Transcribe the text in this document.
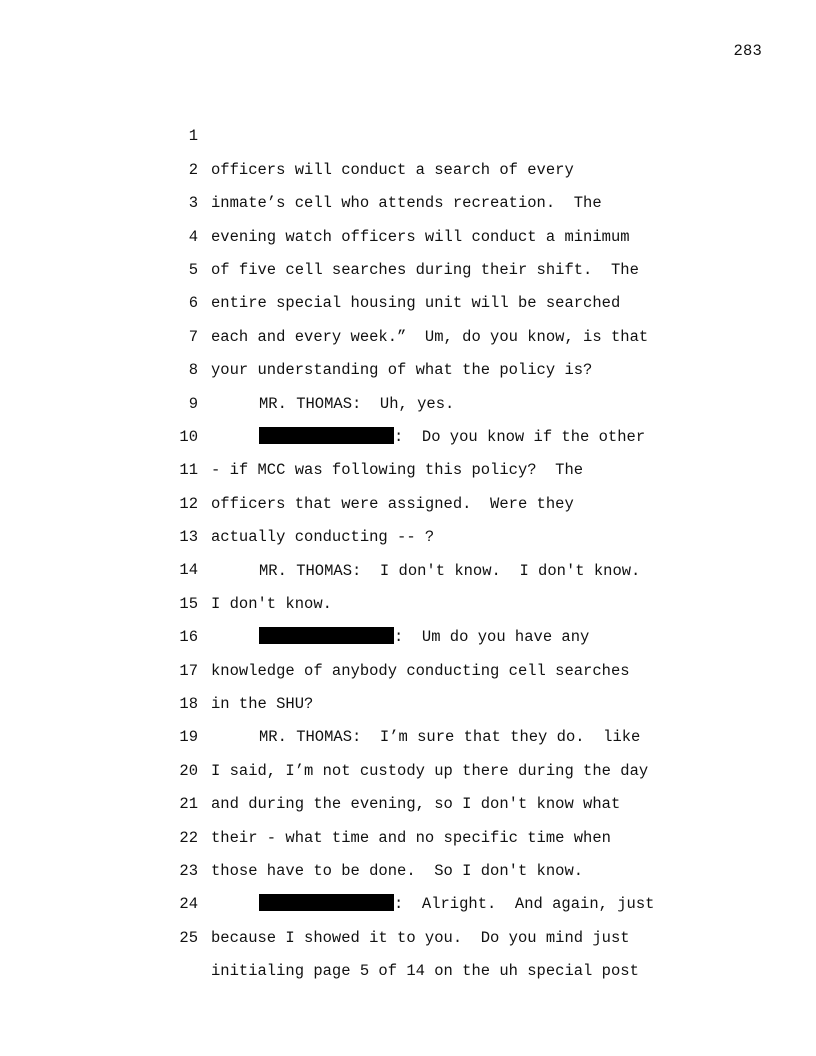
283

1

officers will conduct a search of every

2

inmate’s cell who attends recreation.  The

3

evening watch officers will conduct a minimum

4

of five cell searches during their shift.  The

5

entire special housing unit will be searched

6

each and every week.”  Um, do you know, is that

7

your understanding of what the policy is?

8

MR. THOMAS:  Uh, yes.

9

:  Do you know if the other

10

- if MCC was following this policy?  The

11

officers that were assigned.  Were they

12

actually conducting -- ?

13

MR. THOMAS:  I don't know.  I don't know.

14

I don't know.

15

:  Um do you have any

16

knowledge of anybody conducting cell searches

17

in the SHU?

18

MR. THOMAS:  I’m sure that they do.  like

19

I said, I’m not custody up there during the day

20

and during the evening, so I don't know what

21

their - what time and no specific time when

22

those have to be done.  So I don't know.

23

:  Alright.  And again, just

24

because I showed it to you.  Do you mind just

25

initialing page 5 of 14 on the uh special post
